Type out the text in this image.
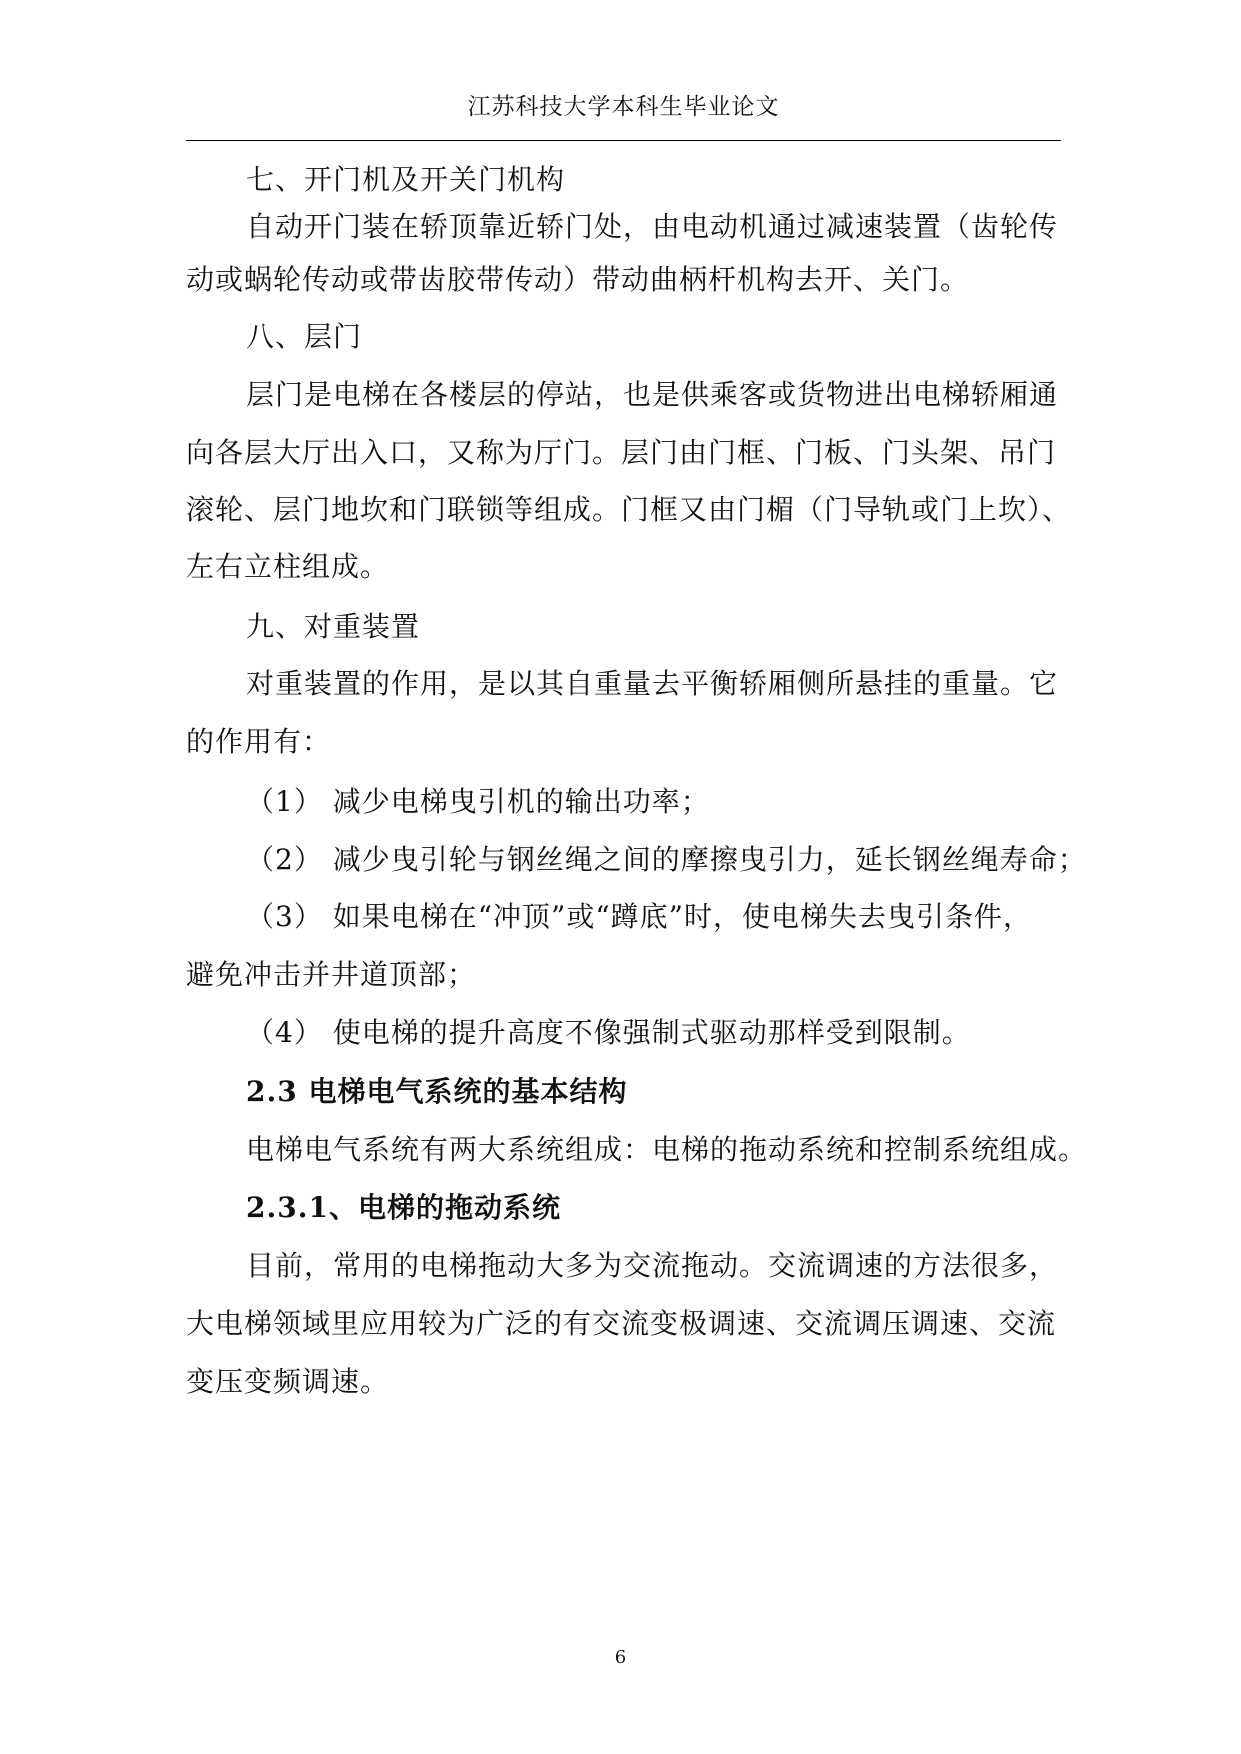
江苏科技大学本科生毕业论文
七、开门机及开关门机构
自动开门装在轿顶靠近轿门处，由电动机通过减速装置（齿轮传
动或蜗轮传动或带齿胶带传动）带动曲柄杆机构去开、关门。
八、层门
层门是电梯在各楼层的停站，也是供乘客或货物进出电梯轿厢通
向各层大厅出入口，又称为厅门。层门由门框、门板、门头架、吊门
滚轮、层门地坎和门联锁等组成。门框又由门楣（门导轨或门上坎）、
左右立柱组成。
九、对重装置
对重装置的作用，是以其自重量去平衡轿厢侧所悬挂的重量。它
的作用有：
（1） 减少电梯曳引机的输出功率；
（2） 减少曳引轮与钢丝绳之间的摩擦曳引力，延长钢丝绳寿命；
（3） 如果电梯在“冲顶”或“蹲底”时，使电梯失去曳引条件，
避免冲击并井道顶部；
（4） 使电梯的提升高度不像强制式驱动那样受到限制。
2.3 电梯电气系统的基本结构
电梯电气系统有两大系统组成：电梯的拖动系统和控制系统组成。
2.3.1、电梯的拖动系统
目前，常用的电梯拖动大多为交流拖动。交流调速的方法很多，
大电梯领域里应用较为广泛的有交流变极调速、交流调压调速、交流
变压变频调速。
6
